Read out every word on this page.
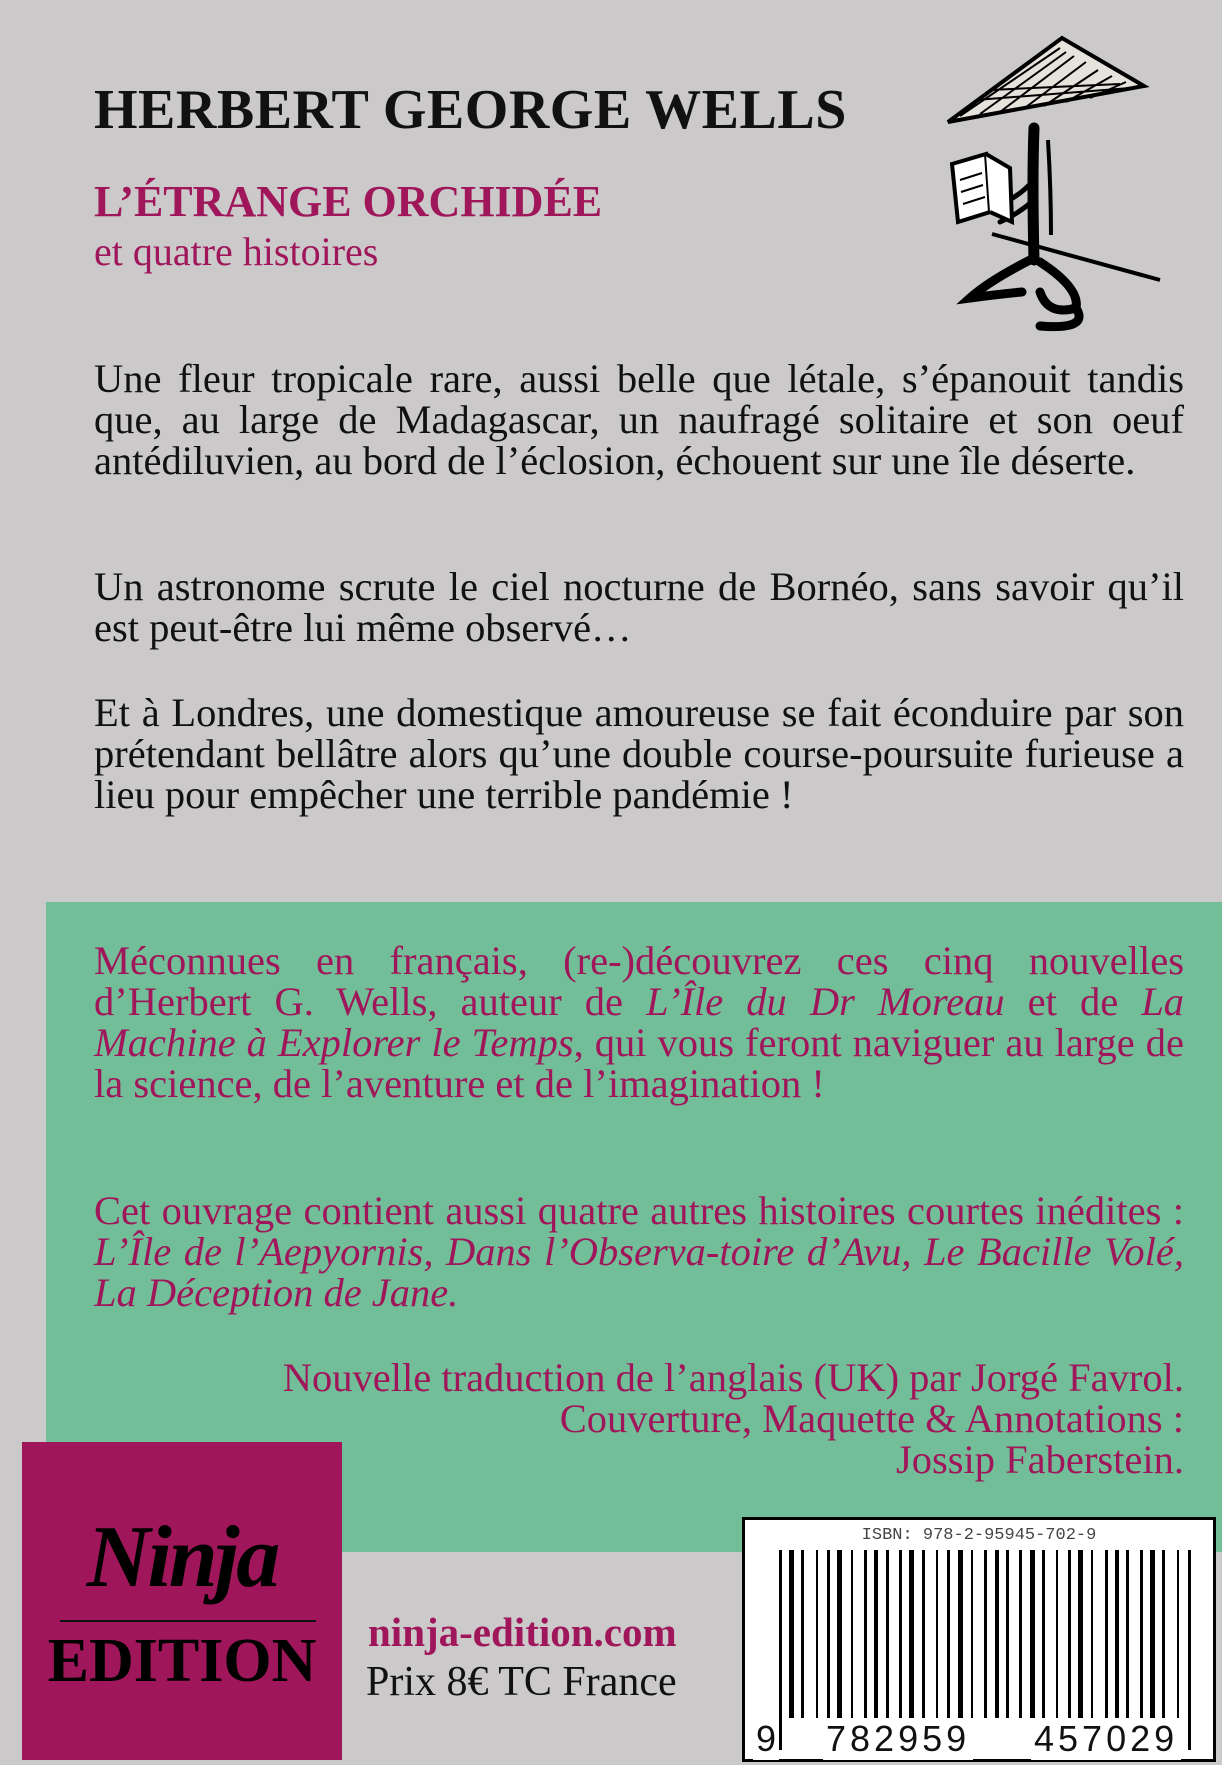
HERBERT GEORGE WELLS
L’ÉTRANGE ORCHIDÉE

et quatre histoires

Une fleur tropicale rare, aussi belle que létale, s’épanouit tandis que, au large de Madagascar, un naufragé solitaire et son oeuf antédiluvien, au bord de l’éclosion, échouent sur une île déserte.

Un astronome scrute le ciel nocturne de Bornéo, sans savoir qu’il est peut-être lui même observé…

Et à Londres, une domestique amoureuse se fait éconduire par son prétendant bellâtre alors qu’une double course-poursuite furieuse a lieu pour empêcher une terrible pandémie !

Méconnues en français, (re-)découvrez ces cinq nouvelles d’Herbert G. Wells, auteur de L’Île du Dr Moreau et de La Machine à Explorer le Temps, qui vous feront naviguer au large de la science, de l’aventure et de l’imagination !

Cet ouvrage contient aussi quatre autres histoires courtes inédites : L’Île de l’Aepyornis, Dans l’Observa-toire d’Avu, Le Bacille Volé, La Déception de Jane.

Nouvelle traduction de l’anglais (UK) par Jorgé Favrol.
Couverture, Maquette & Annotations :
Jossip Faberstein.

Ninja

EDITION	ninja-edition.com

Prix 8€ TC France

ISBN: 978-2-95945-702-9

9 782959 457029
